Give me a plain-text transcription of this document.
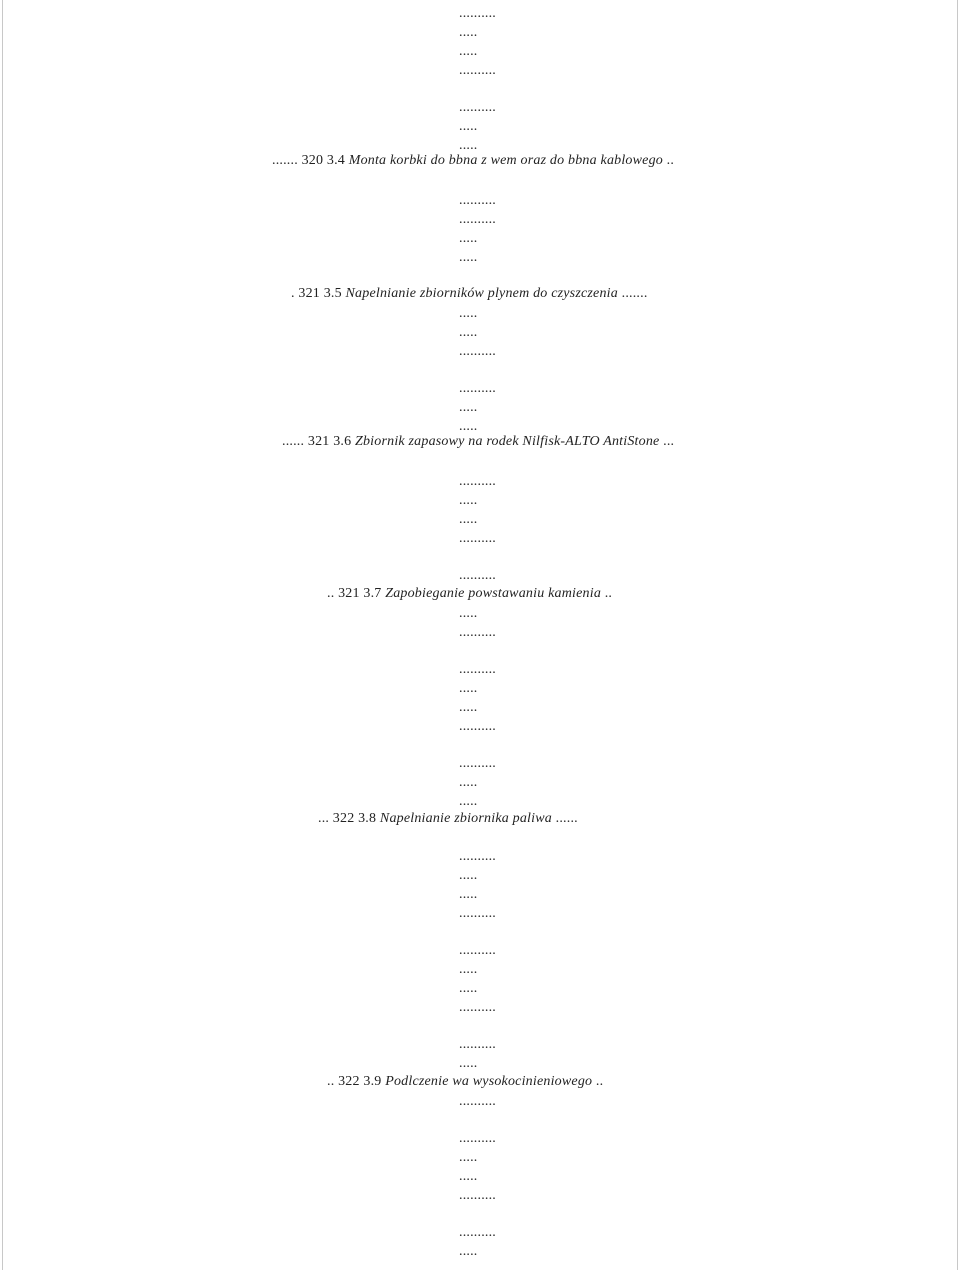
..........
.....
.....
..........
..........
.....
.....
....... 320 3.4 Monta korbki do bbna z wem oraz do bbna kablowego ..
..........
..........
.....
.....
. 321 3.5 Napelnianie zbiorników plynem do czyszczenia .......
.....
.....
..........
..........
.....
.....
...... 321 3.6 Zbiornik zapasowy na rodek Nilfisk-ALTO AntiStone ...
..........
.....
.....
..........
..........
.. 321 3.7 Zapobieganie powstawaniu kamienia ..
.....
..........
..........
.....
.....
..........
..........
.....
.....
... 322 3.8 Napelnianie zbiornika paliwa ......
..........
.....
.....
..........
..........
.....
.....
..........
..........
.....
.. 322 3.9 Podlczenie wa wysokocinieniowego ..
..........
..........
.....
.....
..........
..........
.....
